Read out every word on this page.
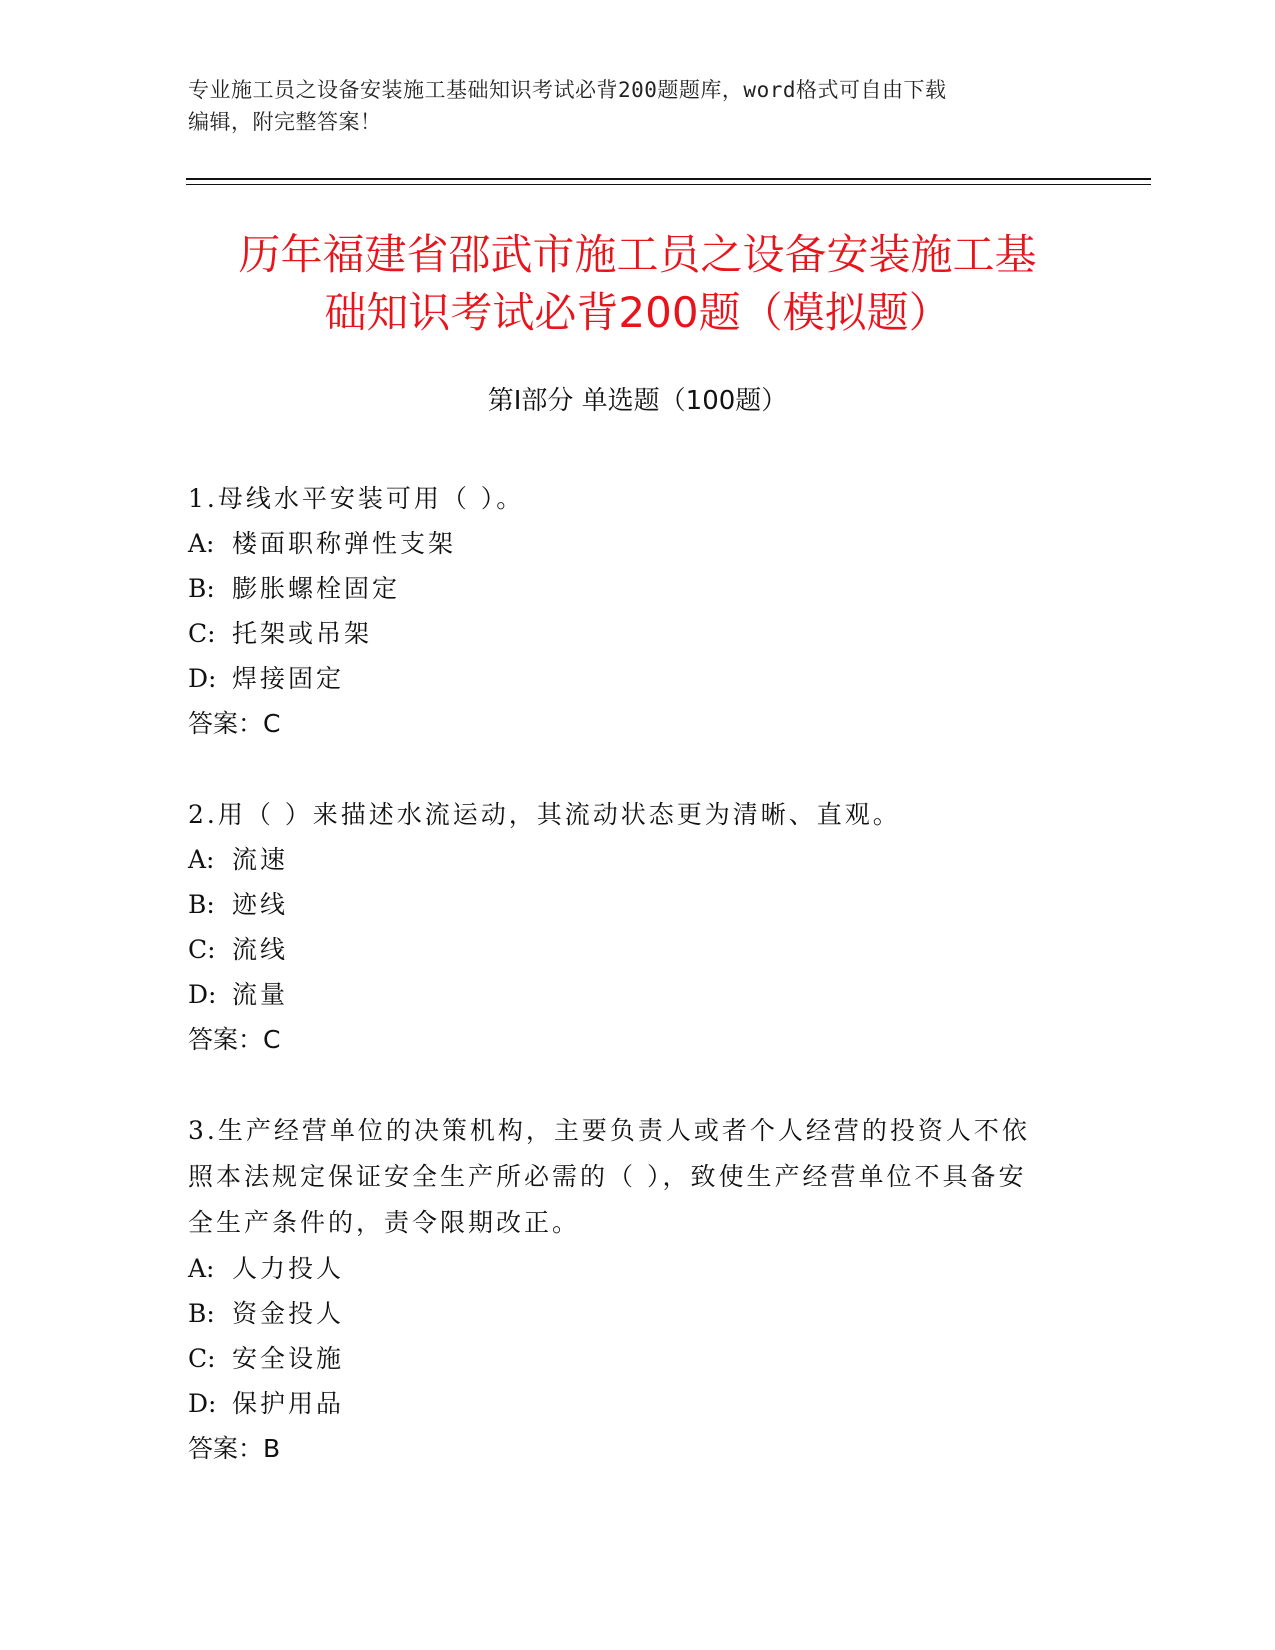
专业施工员之设备安装施工基础知识考试必背200题题库，word格式可自由下载
编辑，附完整答案！
历年福建省邵武市施工员之设备安装施工基
础知识考试必背200题（模拟题）
第Ⅰ部分 单选题（100题）
1.母线水平安装可用（ ）。
A: 楼面职称弹性支架
B: 膨胀螺栓固定
C: 托架或吊架
D: 焊接固定
答案：C
2.用（ ）来描述水流运动，其流动状态更为清晰、直观。
A: 流速
B: 迹线
C: 流线
D: 流量
答案：C
3.生产经营单位的决策机构，主要负责人或者个人经营的投资人不依
照本法规定保证安全生产所必需的（ ），致使生产经营单位不具备安
全生产条件的，责令限期改正。
A: 人力投人
B: 资金投人
C: 安全设施
D: 保护用品
答案：B
